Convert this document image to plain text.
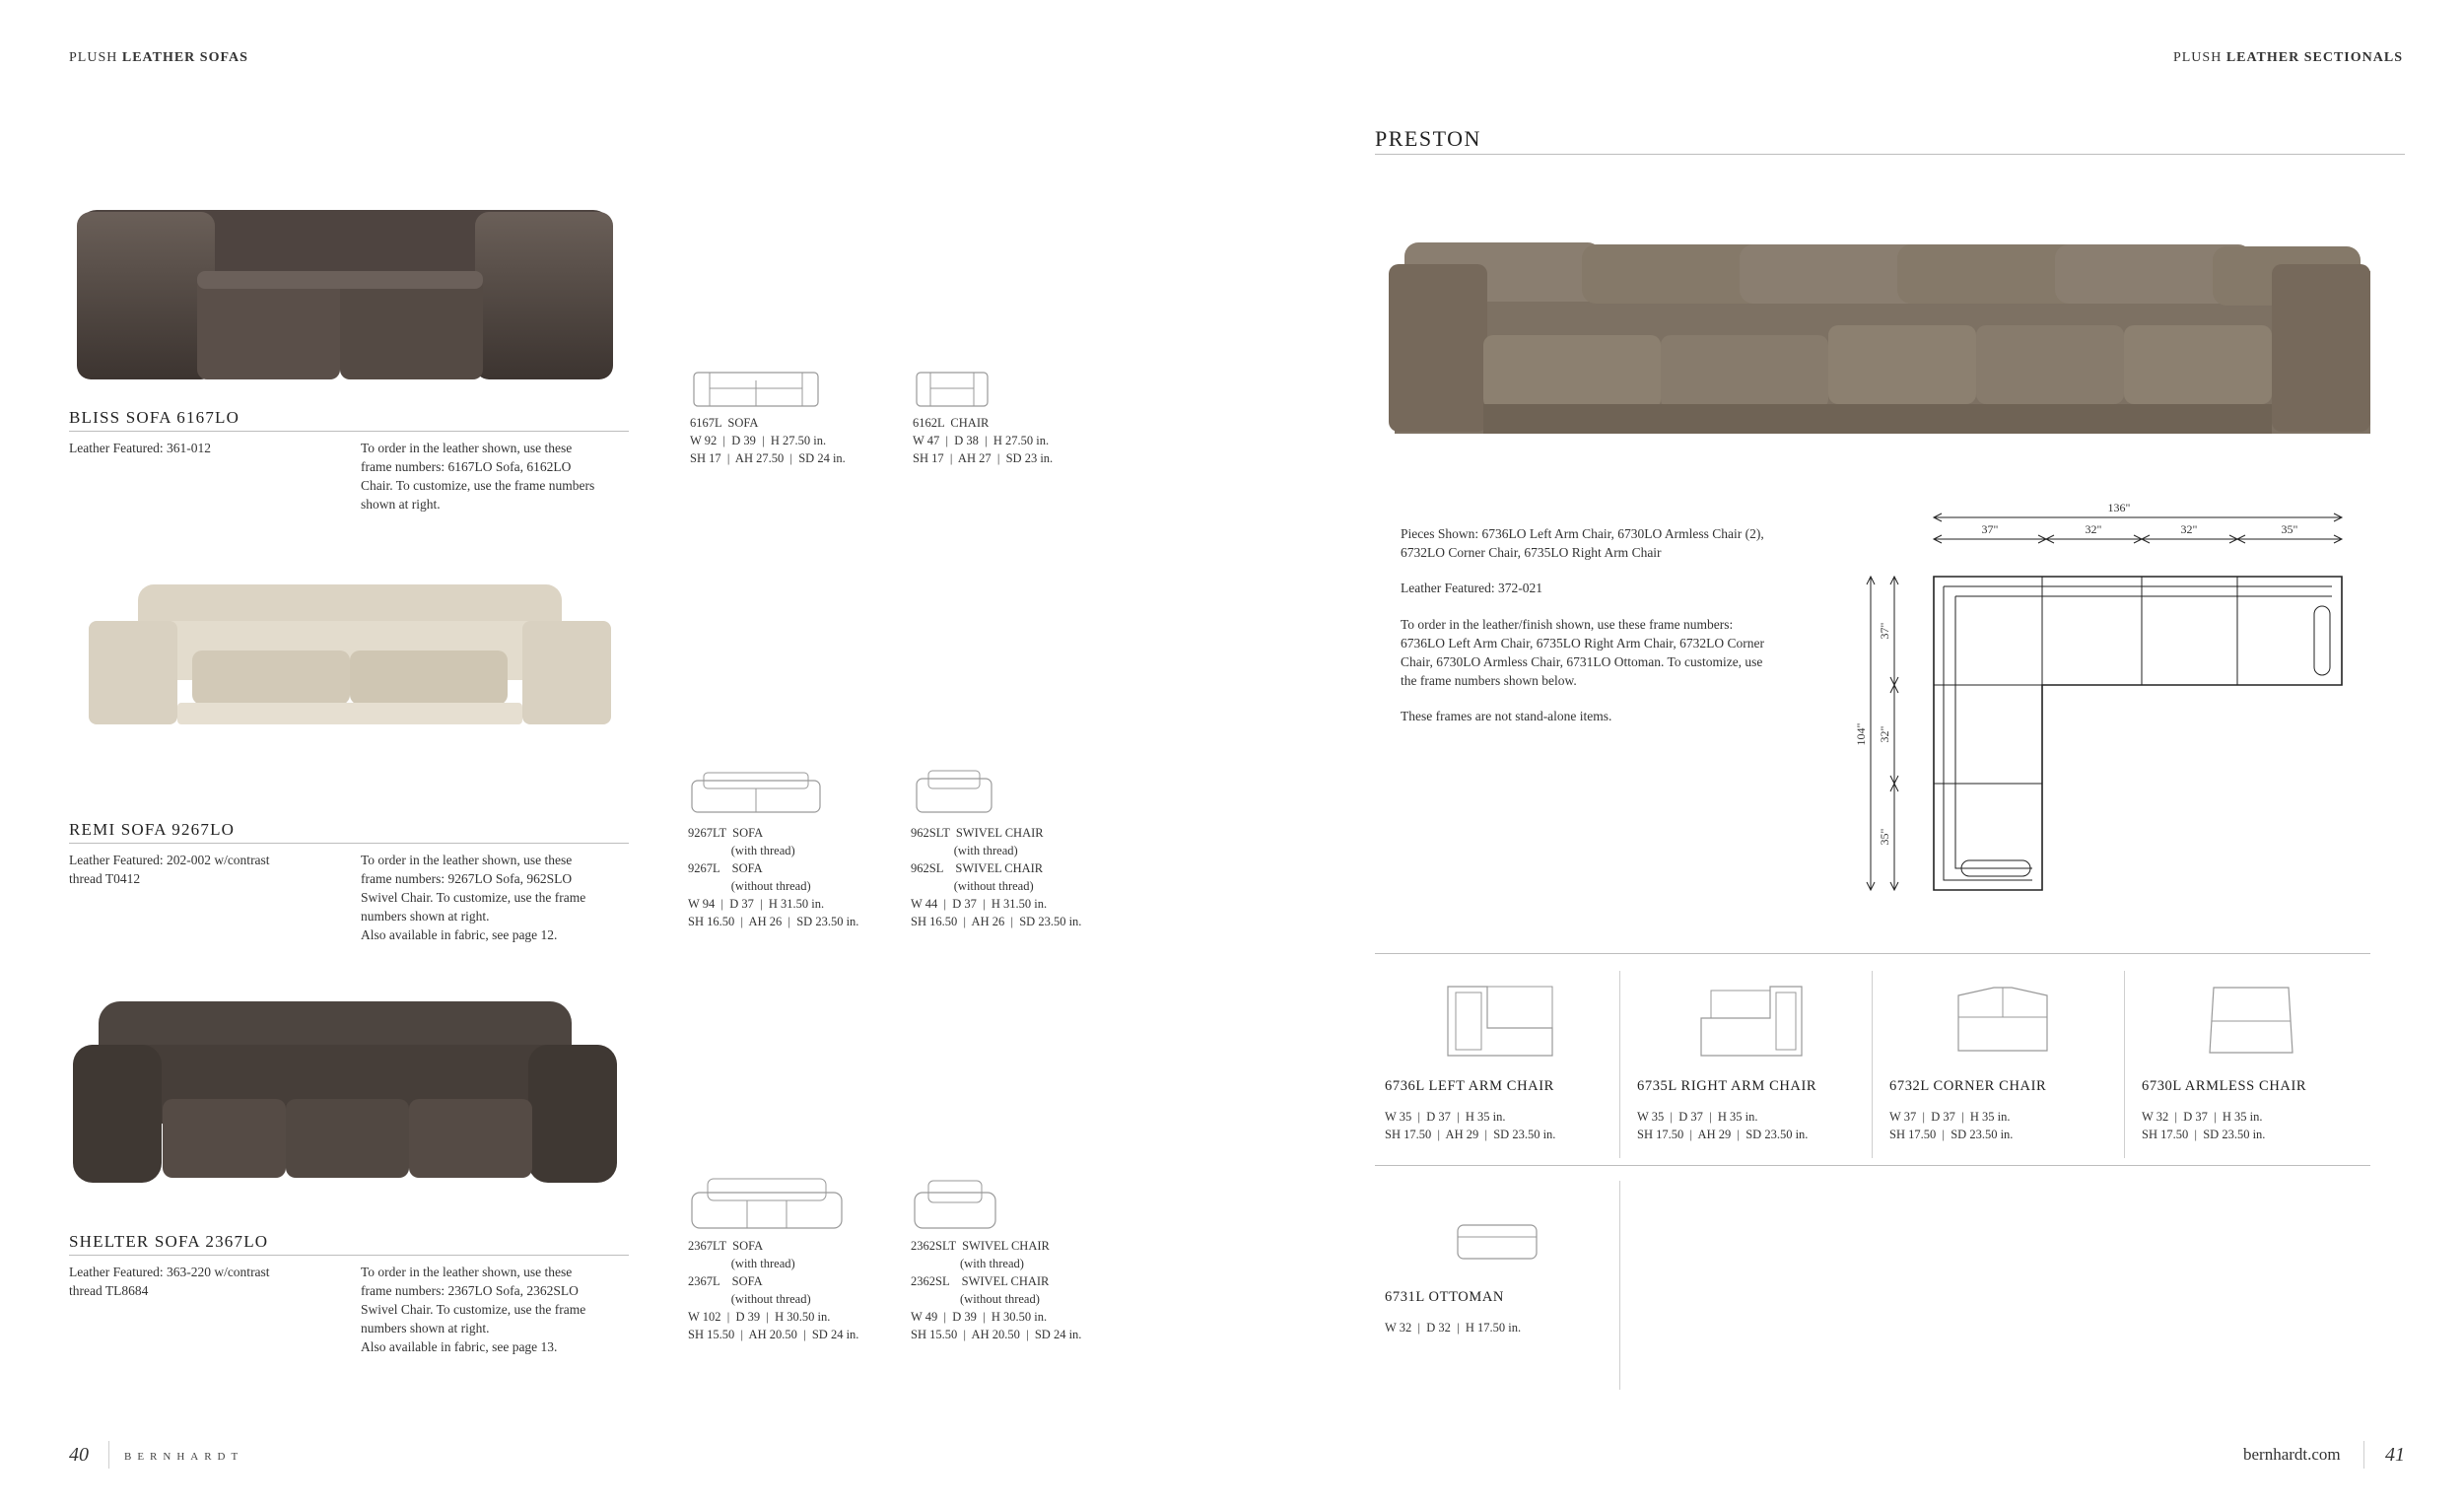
PLUSH LEATHER SOFAS
BLISS SOFA 6167LO
Leather Featured: 361-012	To order in the leather shown, use these
frame numbers: 6167LO Sofa, 6162LO
Chair. To customize, use the frame numbers
shown at right.
6167L  SOFA
W 92  |  D 39  |  H 27.50 in.
SH 17  |  AH 27.50  |  SD 24 in.
6162L  CHAIR
W 47  |  D 38  |  H 27.50 in.
SH 17  |  AH 27  |  SD 23 in.
REMI SOFA 9267LO
Leather Featured: 202-002 w/contrast
thread T0412
To order in the leather shown, use these
frame numbers: 9267LO Sofa, 962SLO
Swivel Chair. To customize, use the frame
numbers shown at right.
Also available in fabric, see page 12.
9267LT  SOFA
(with thread)
9267L    SOFA
(without thread)
W 94  |  D 37  |  H 31.50 in.
SH 16.50  |  AH 26  |  SD 23.50 in.
962SLT  SWIVEL CHAIR
(with thread)
962SL    SWIVEL CHAIR
(without thread)
W 44  |  D 37  |  H 31.50 in.
SH 16.50  |  AH 26  |  SD 23.50 in.
SHELTER SOFA 2367LO
Leather Featured: 363-220 w/contrast
thread TL8684
To order in the leather shown, use these
frame numbers: 2367LO Sofa, 2362SLO
Swivel Chair. To customize, use the frame
numbers shown at right.
Also available in fabric, see page 13.
2367LT  SOFA
(with thread)
2367L    SOFA
(without thread)
W 102  |  D 39  |  H 30.50 in.
SH 15.50  |  AH 20.50  |  SD 24 in.
2362SLT  SWIVEL CHAIR
(with thread)
2362SL    SWIVEL CHAIR
(without thread)
W 49  |  D 39  |  H 30.50 in.
SH 15.50  |  AH 20.50  |  SD 24 in.
40	BERNHARDT
PLUSH LEATHER SECTIONALS
PRESTON
Pieces Shown: 6736LO Left Arm Chair, 6730LO Armless Chair (2),
6732LO Corner Chair, 6735LO Right Arm Chair
Leather Featured: 372-021
To order in the leather/finish shown, use these frame numbers:
6736LO Left Arm Chair, 6735LO Right Arm Chair, 6732LO Corner
Chair, 6730LO Armless Chair, 6731LO Ottoman. To customize, use
the frame numbers shown below.
These frames are not stand-alone items.
136"
37"	32"	32"	35"
104"
37"
32"
35"
6736L LEFT ARM CHAIR
W 35  |  D 37  |  H 35 in.
SH 17.50  |  AH 29  |  SD 23.50 in.
6735L RIGHT ARM CHAIR
W 35  |  D 37  |  H 35 in.
SH 17.50  |  AH 29  |  SD 23.50 in.
6732L CORNER CHAIR
W 37  |  D 37  |  H 35 in.
SH 17.50  |  SD 23.50 in.
6730L ARMLESS CHAIR
W 32  |  D 37  |  H 35 in.
SH 17.50  |  SD 23.50 in.
6731L OTTOMAN
W 32  |  D 32  |  H 17.50 in.
bernhardt.com 41
